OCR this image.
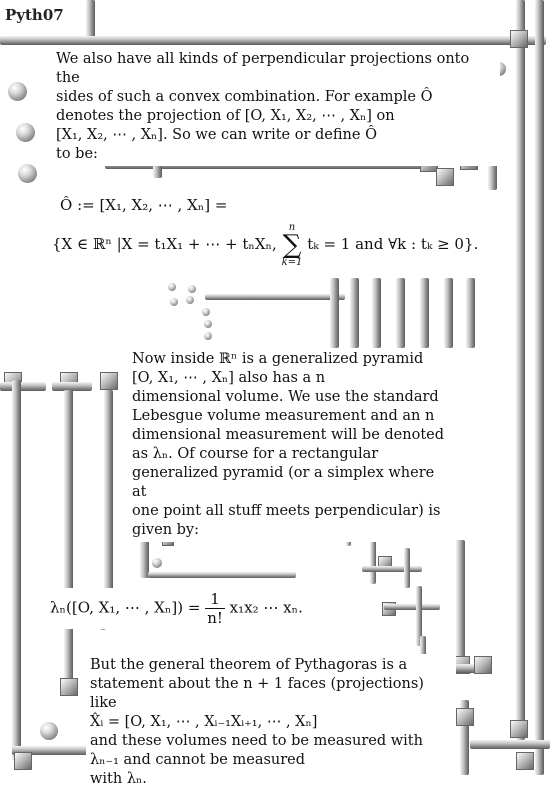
Pyth07
We also have all kinds of perpendicular projections onto the
sides of such a convex combination. For example Ô
denotes the projection of [O, X₁, X₂, ⋯ , Xₙ] on
[X₁, X₂, ⋯ , Xₙ]. So we can write or define Ô
to be:
Ô := [X₁, X₂, ⋯ , Xₙ] =
{X ∈ ℝⁿ |X = t₁X₁ + ⋯ + tₙXₙ,
n
∑
k=1
tₖ = 1 and ∀k : tₖ ≥ 0}.
Now inside ℝⁿ is a generalized pyramid
[O, X₁, ⋯ , Xₙ] also has a n
dimensional volume. We use the standard
Lebesgue volume measurement and an n
dimensional measurement will be denoted
as λₙ. Of course for a rectangular
generalized pyramid (or a simplex where at
one point all stuff meets perpendicular) is
given by:
λₙ([O, X₁, ⋯ , $X_n]) = \frac{1}{n!} x_1x_2$ ⋯ xₙ.
But the general theorem of Pythagoras is a
statement about the n + 1 faces (projections) like
X̂ᵢ = [O, X₁, ⋯ , Xᵢ₋₁Xᵢ₊₁, ⋯ , Xₙ]
and these volumes need to be measured with
λₙ₋₁ and cannot be measured
with λₙ.
